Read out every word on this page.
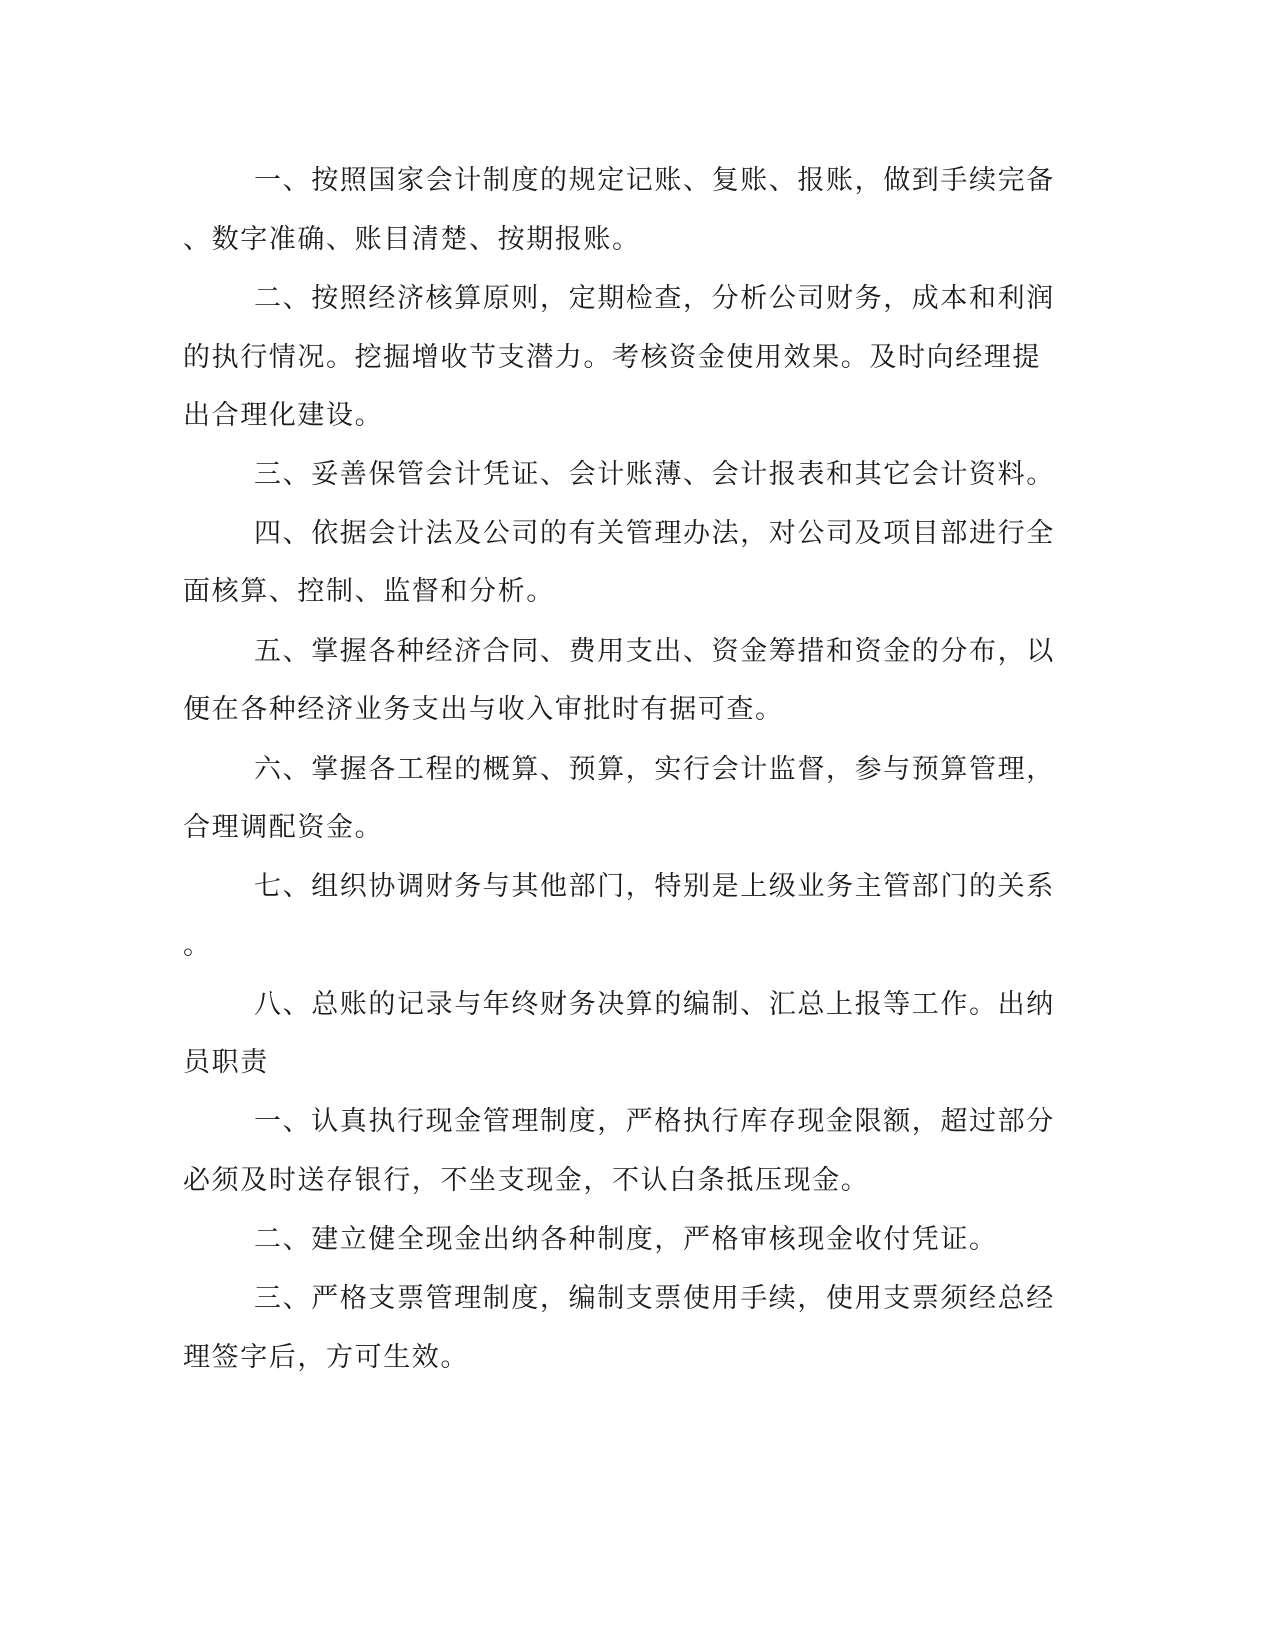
一、按照国家会计制度的规定记账、复账、报账，做到手续完备
、数字准确、账目清楚、按期报账。
二、按照经济核算原则，定期检查，分析公司财务，成本和利润
的执行情况。挖掘增收节支潜力。考核资金使用效果。及时向经理提
出合理化建设。
三、妥善保管会计凭证、会计账薄、会计报表和其它会计资料。
四、依据会计法及公司的有关管理办法，对公司及项目部进行全
面核算、控制、监督和分析。
五、掌握各种经济合同、费用支出、资金筹措和资金的分布，以
便在各种经济业务支出与收入审批时有据可查。
六、掌握各工程的概算、预算，实行会计监督，参与预算管理，
合理调配资金。
七、组织协调财务与其他部门，特别是上级业务主管部门的关系
。
八、总账的记录与年终财务决算的编制、汇总上报等工作。出纳
员职责
一、认真执行现金管理制度，严格执行库存现金限额，超过部分
必须及时送存银行，不坐支现金，不认白条抵压现金。
二、建立健全现金出纳各种制度，严格审核现金收付凭证。
三、严格支票管理制度，编制支票使用手续，使用支票须经总经
理签字后，方可生效。
